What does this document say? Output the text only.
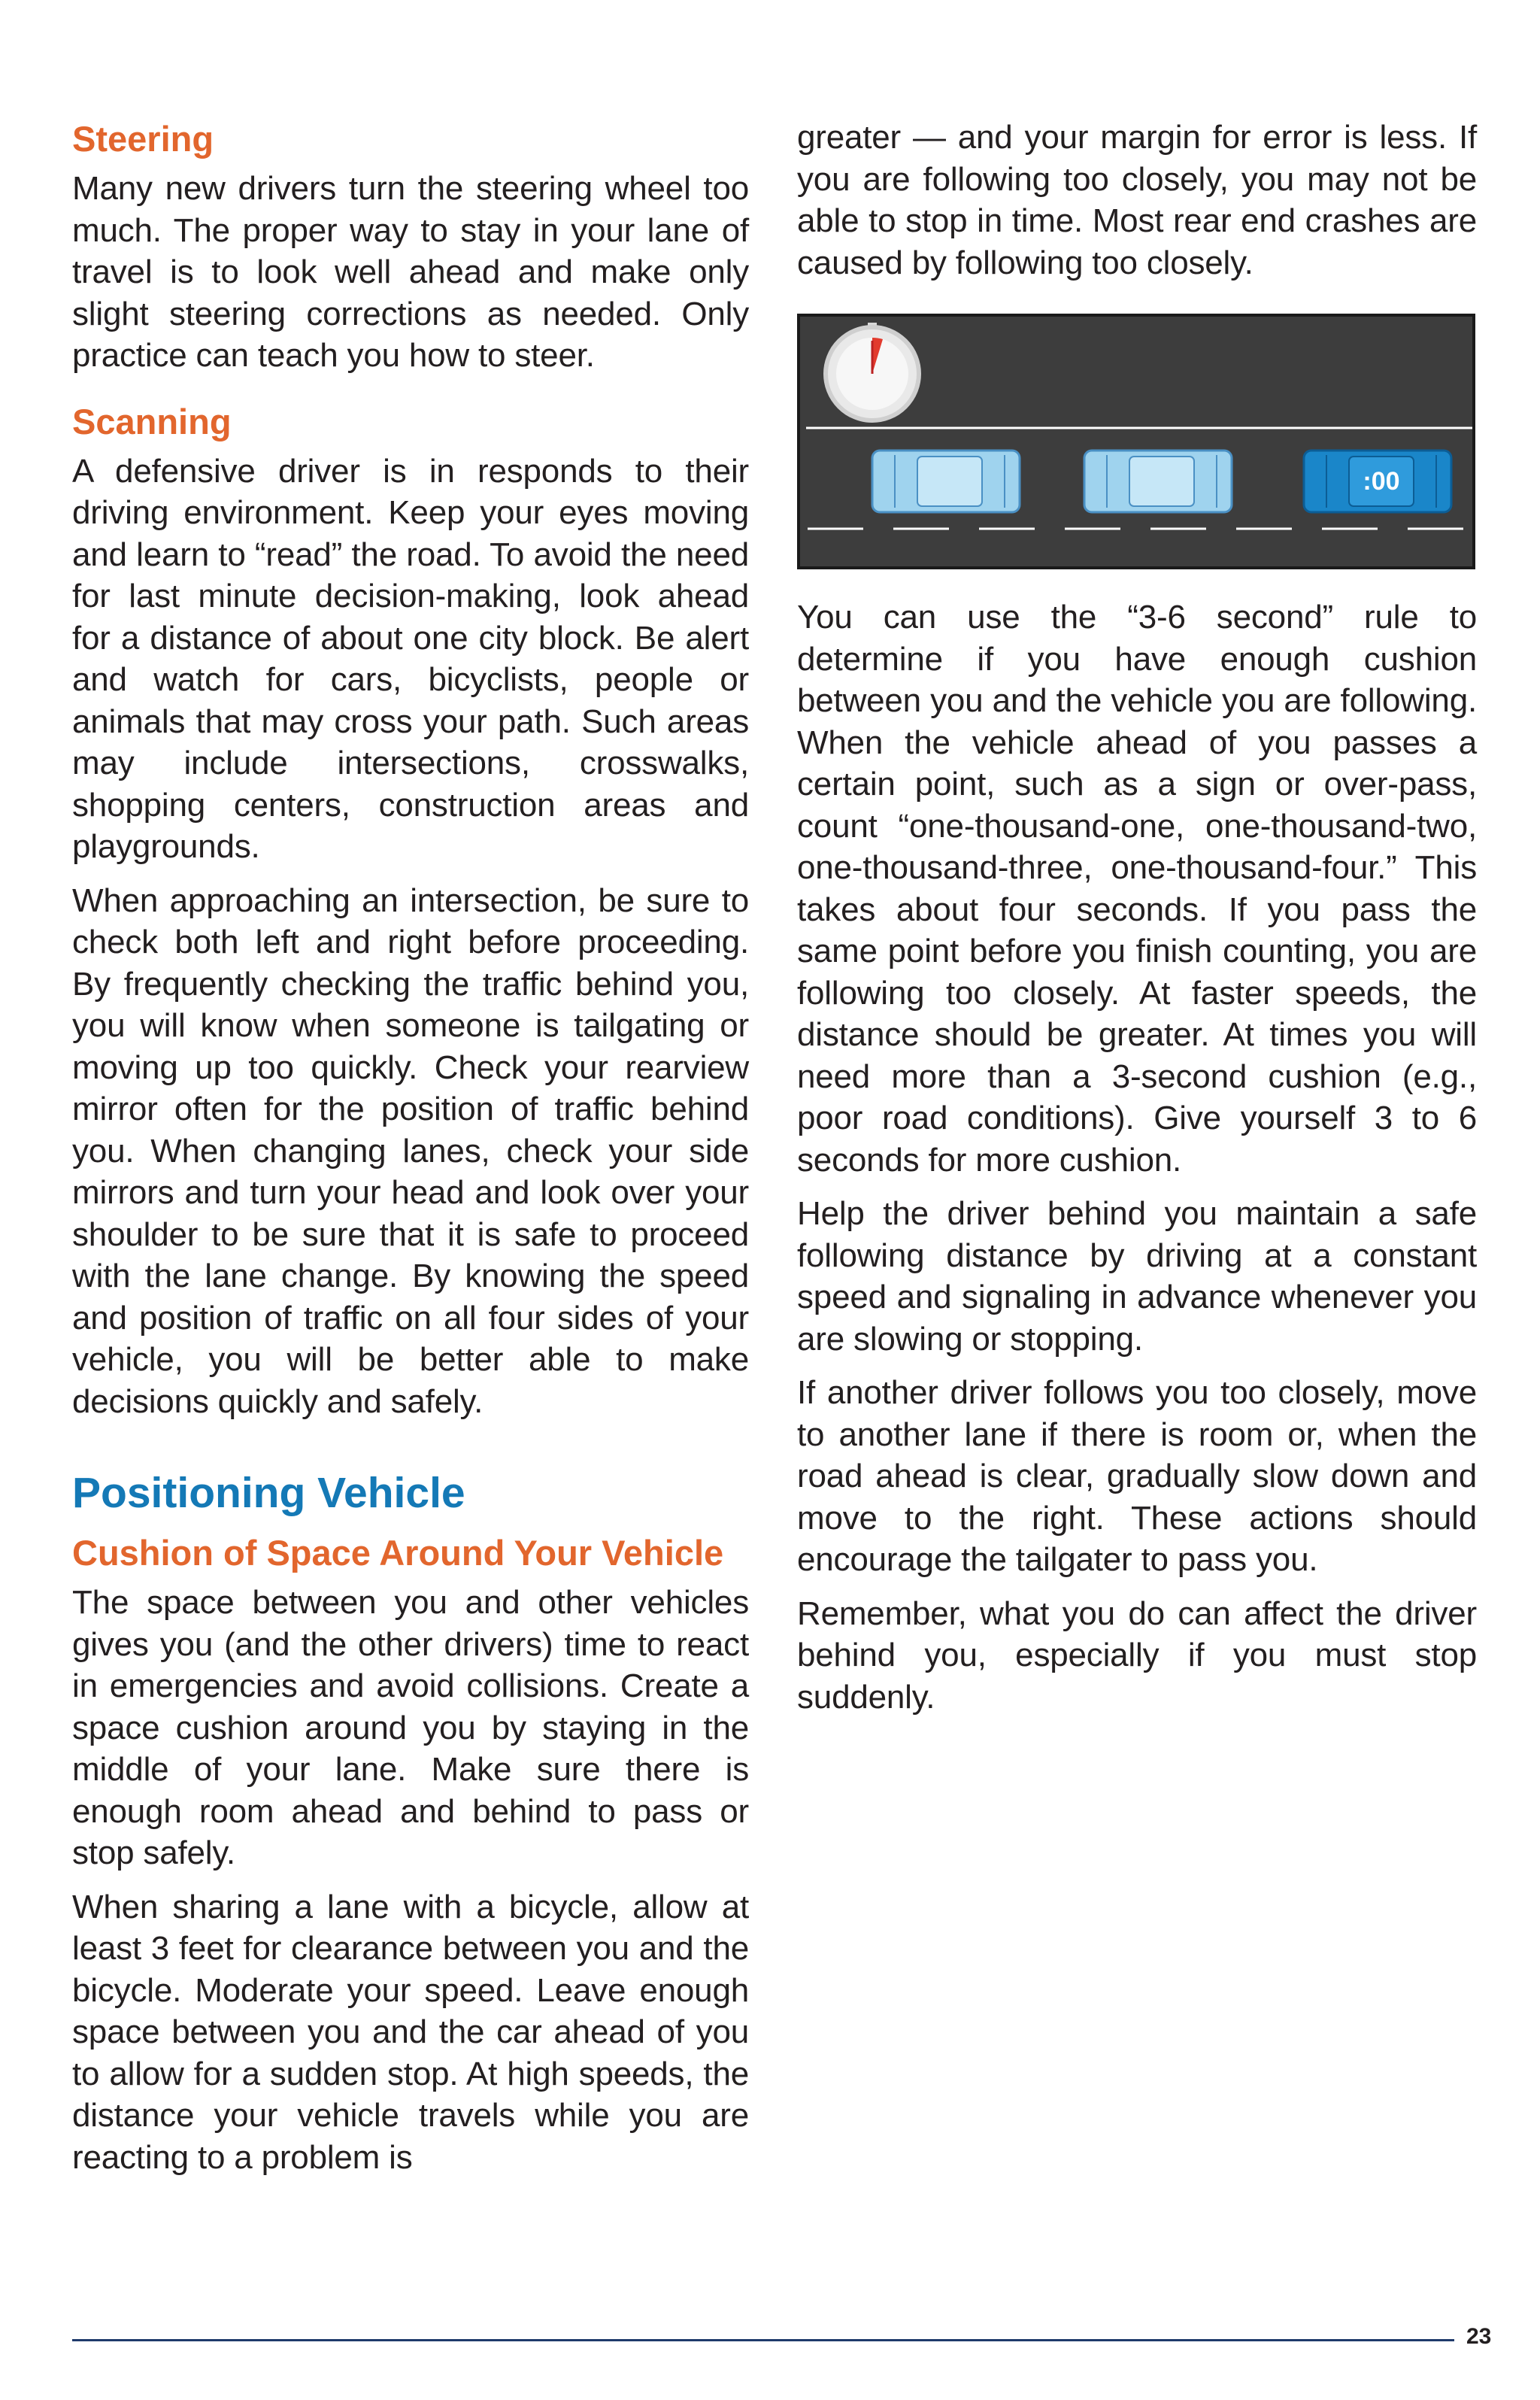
Steering

Many new drivers turn the steering wheel too much. The proper way to stay in your lane of travel is to look well ahead and make only slight steering corrections as needed. Only practice can teach you how to steer.

Scanning

A defensive driver is in responds to their driving environment. Keep your eyes moving and learn to “read” the road. To avoid the need for last minute decision-making, look ahead for a distance of about one city block. Be alert and watch for cars, bicyclists, people or animals that may cross your path. Such areas may include intersections, crosswalks, shopping centers, construction areas and playgrounds.

When approaching an intersection, be sure to check both left and right before proceeding. By frequently checking the traffic behind you, you will know when someone is tailgating or moving up too quickly. Check your rearview mirror often for the position of traffic behind you. When changing lanes, check your side mirrors and turn your head and look over your shoulder to be sure that it is safe to proceed with the lane change. By knowing the speed and position of traffic on all four sides of your vehicle, you will be better able to make decisions quickly and safely.

Positioning Vehicle
Cushion of Space Around Your Vehicle

The space between you and other vehicles gives you (and the other drivers) time to react in emergencies and avoid collisions. Create a space cushion around you by staying in the middle of your lane. Make sure there is enough room ahead and behind to pass or stop safely.

When sharing a lane with a bicycle, allow at least 3 feet for clearance between you and the bicycle. Moderate your speed. Leave enough space between you and the car ahead of you to allow for a sudden stop. At high speeds, the distance your vehicle travels while you are reacting to a problem is

greater — and your margin for error is less. If you are following too closely, you may not be able to stop in time. Most rear end crashes are caused by following too closely.

:00

You can use the “3-6 second” rule to determine if you have enough cushion between you and the vehicle you are following. When the vehicle ahead of you passes a certain point, such as a sign or over-pass, count “one-thousand-one, one-thousand-two, one-thousand-three, one-thousand-four.” This takes about four seconds. If you pass the same point before you finish counting, you are following too closely. At faster speeds, the distance should be greater. At times you will need more than a 3-second cushion (e.g., poor road conditions). Give yourself 3 to 6 seconds for more cushion.

Help the driver behind you maintain a safe following distance by driving at a constant speed and signaling in advance whenever you are slowing or stopping.

If another driver follows you too closely, move to another lane if there is room or, when the road ahead is clear, gradually slow down and move to the right. These actions should encourage the tailgater to pass you.

Remember, what you do can affect the driver behind you, especially if you must stop suddenly.

23
